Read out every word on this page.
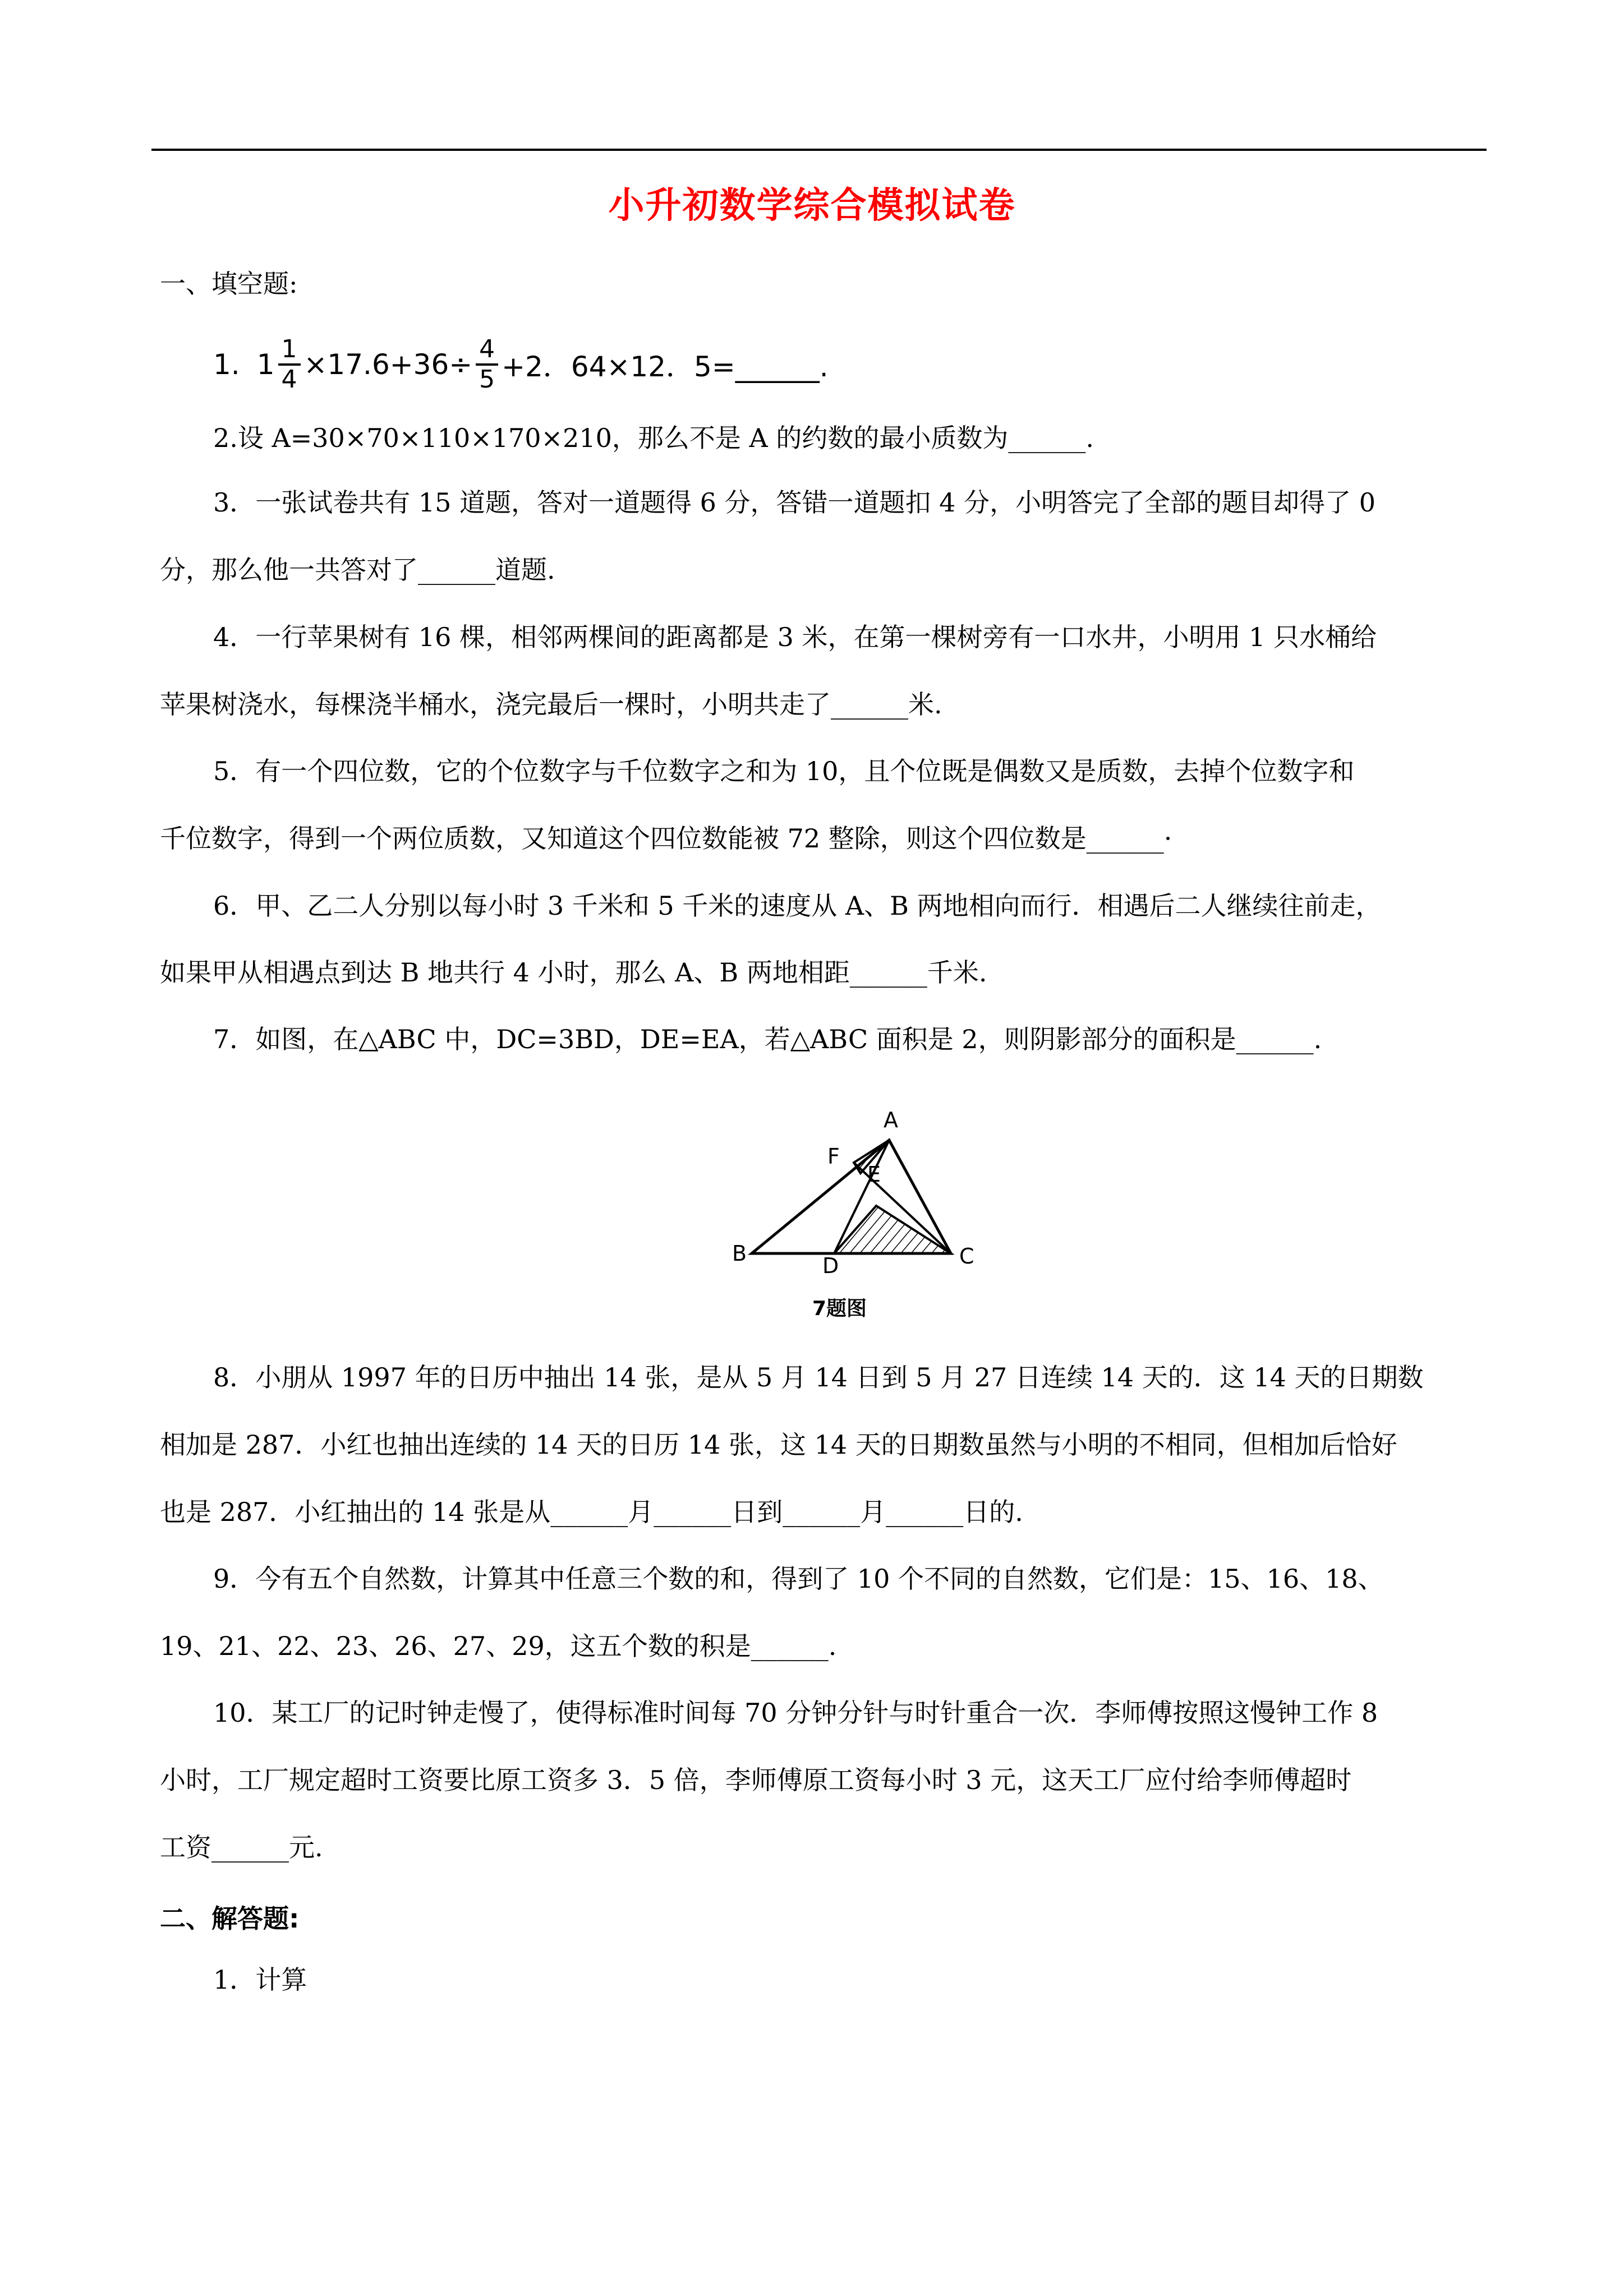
小升初数学综合模拟试卷
一、填空题:
1. $1 \frac{1}{4} \times 17.6+36\div \frac{4}{5} +2$．64×12．5=______.
2.设 A=30×70×110×170×210，那么不是 A 的约数的最小质数为______.
3．一张试卷共有 15 道题，答对一道题得 6 分，答错一道题扣 4 分，小明答完了全部的题目却得了 0
分，那么他一共答对了______道题.
4．一行苹果树有 16 棵，相邻两棵间的距离都是 3 米，在第一棵树旁有一口水井，小明用 1 只水桶给
苹果树浇水，每棵浇半桶水，浇完最后一棵时，小明共走了______米.
5．有一个四位数，它的个位数字与千位数字之和为 10，且个位既是偶数又是质数，去掉个位数字和
千位数字，得到一个两位质数，又知道这个四位数能被 72 整除，则这个四位数是______·
6．甲、乙二人分别以每小时 3 千米和 5 千米的速度从 A、B 两地相向而行．相遇后二人继续往前走，
如果甲从相遇点到达 B 地共行 4 小时，那么 A、B 两地相距______千米.
7．如图，在△ABC 中，DC=3BD，DE=EA，若△ABC 面积是 2，则阴影部分的面积是______.
A
B	C
D
E
F
7题图
8．小朋从 1997 年的日历中抽出 14 张，是从 5 月 14 日到 5 月 27 日连续 14 天的．这 14 天的日期数
相加是 287．小红也抽出连续的 14 天的日历 14 张，这 14 天的日期数虽然与小明的不相同，但相加后恰好
也是 287．小红抽出的 14 张是从______月______日到______月______日的.
9．今有五个自然数，计算其中任意三个数的和，得到了 10 个不同的自然数，它们是：15、16、18、
19、21、22、23、26、27、29，这五个数的积是______.
10．某工厂的记时钟走慢了，使得标准时间每 70 分钟分针与时针重合一次．李师傅按照这慢钟工作 8
小时，工厂规定超时工资要比原工资多 3．5 倍，李师傅原工资每小时 3 元，这天工厂应付给李师傅超时
工资______元.
二、解答题:
1．计算
